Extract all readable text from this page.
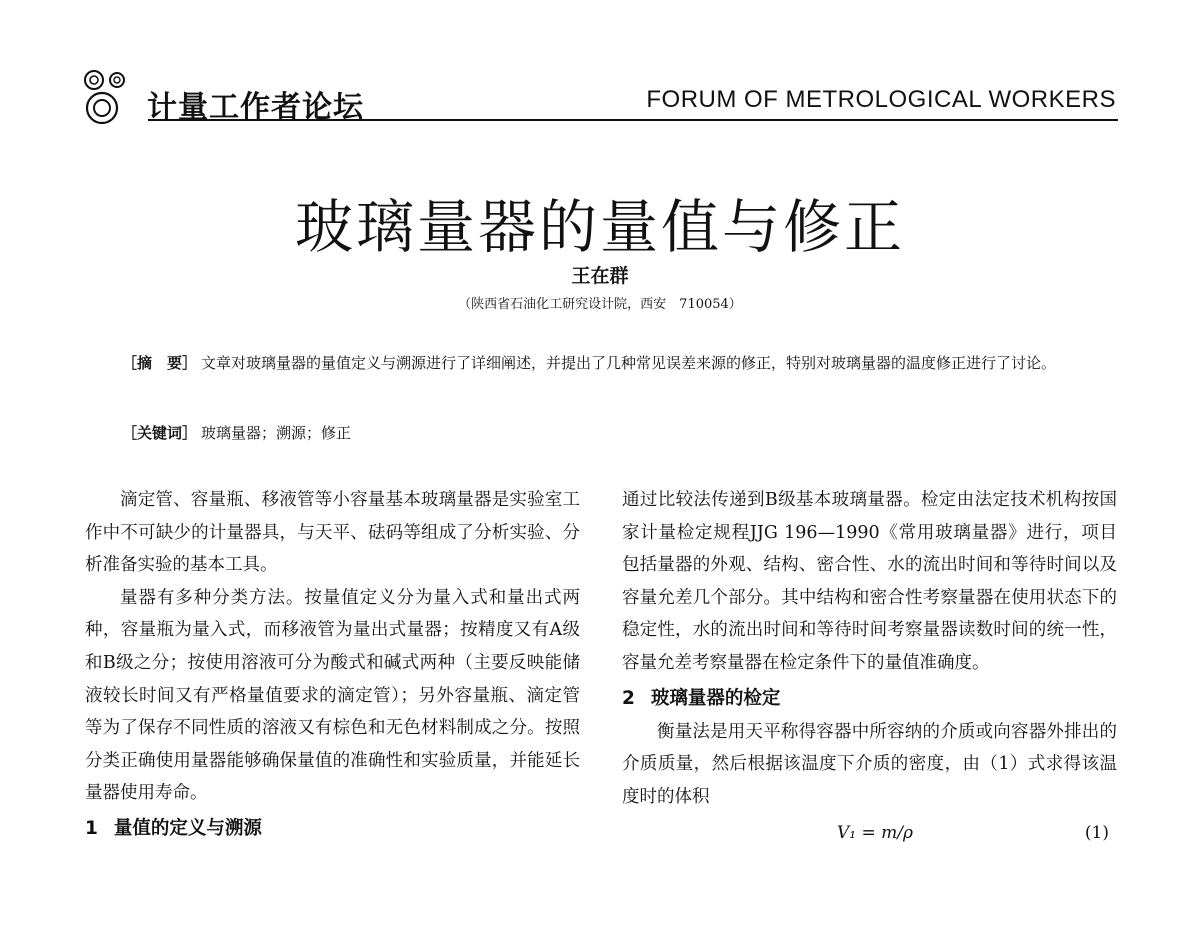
计量工作者论坛	FORUM OF METROLOGICAL WORKERS
玻璃量器的量值与修正
王在群
（陕西省石油化工研究设计院，西安　710054）
［摘　要］ 文章对玻璃量器的量值定义与溯源进行了详细阐述，并提出了几种常见误差来源的修正，特别对玻璃量器的温度修正进行了讨论。
［关键词］ 玻璃量器；溯源；修正

滴定管、容量瓶、移液管等小容量基本玻璃量器是实验室工作中不可缺少的计量器具，与天平、砝码等组成了分析实验、分析准备实验的基本工具。

量器有多种分类方法。按量值定义分为量入式和量出式两种，容量瓶为量入式，而移液管为量出式量器；按精度又有A级和B级之分；按使用溶液可分为酸式和碱式两种（主要反映能储液较长时间又有严格量值要求的滴定管）；另外容量瓶、滴定管等为了保存不同性质的溶液又有棕色和无色材料制成之分。按照分类正确使用量器能够确保量值的准确性和实验质量，并能延长量器使用寿命。

1 量值的定义与溯源

通过比较法传递到B级基本玻璃量器。检定由法定技术机构按国家计量检定规程JJG 196—1990《常用玻璃量器》进行，项目包括量器的外观、结构、密合性、水的流出时间和等待时间以及容量允差几个部分。其中结构和密合性考察量器在使用状态下的稳定性，水的流出时间和等待时间考察量器读数时间的统一性，容量允差考察量器在检定条件下的量值准确度。

2 玻璃量器的检定

衡量法是用天平称得容器中所容纳的介质或向容器外排出的介质质量，然后根据该温度下介质的密度，由（1）式求得该温度时的体积

V₁ = m/ρ	(1)
